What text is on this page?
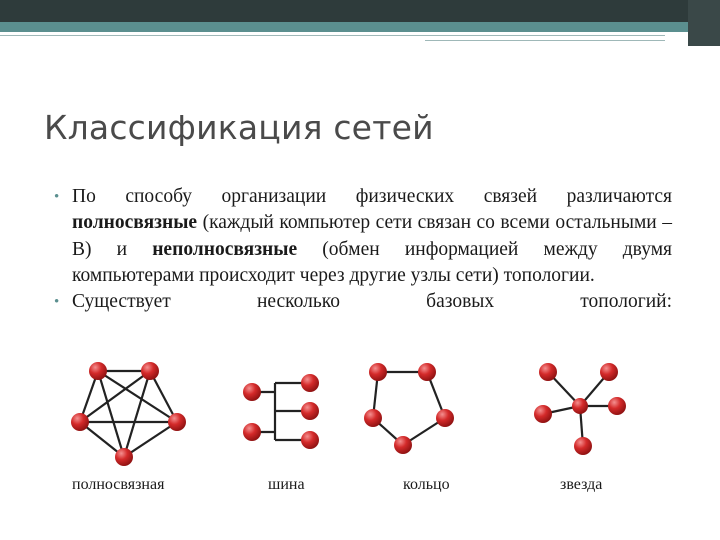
Классификация сетей
• По способу организации физических связей различаются полносвязные (каждый компьютер сети связан со всеми остальными –В) и неполносвязные (обмен информацией между двумя компьютерами происходит через другие узлы сети) топологии.
• Существует несколько базовых топологий:
полносвязная	шина	кольцо	звезда
